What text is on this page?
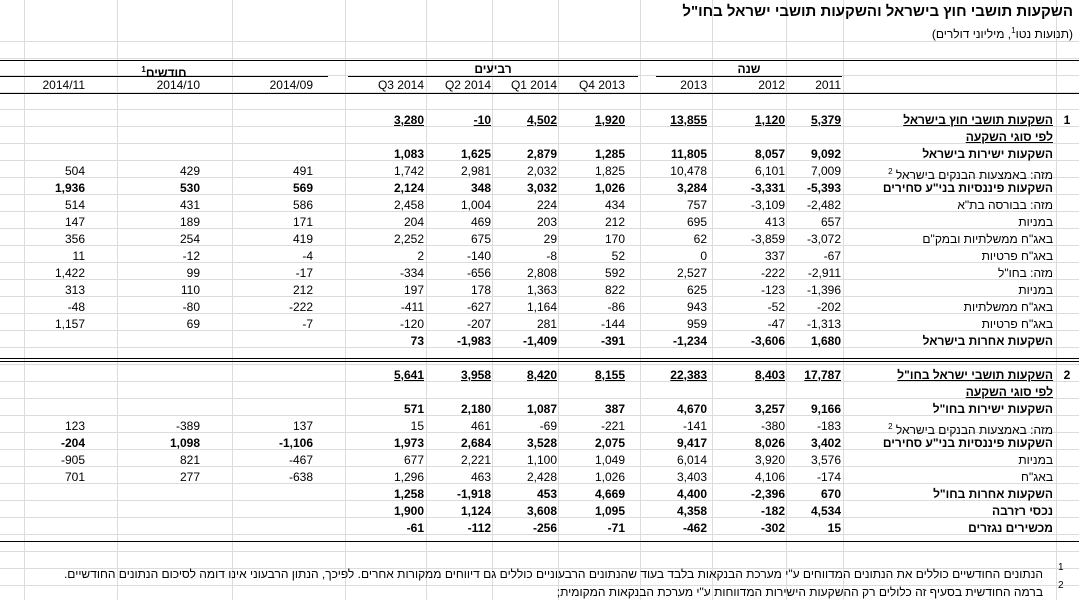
השקעות תושבי חוץ בישראל והשקעות תושבי ישראל בחו"ל
(תנועות נטו$^1$, מיליוני דולרים)
שנה
רביעים
חודשים$^1$
2011
2012
2013
Q4 2013
Q1 2014
Q2 2014
Q3 2014
2014/09
2014/10
2014/11
1
השקעות תושבי חוץ בישראל
5,379
1,120
13,855
1,920
4,502
-10
3,280
לפי סוגי השקעה
השקעות ישירות בישראל
9,092
8,057
11,805
1,285
2,879
1,625
1,083
מזה: באמצעות הבנקים בישראל $^2$
7,009
6,101
10,478
1,825
2,032
2,981
1,742
491
429
504
השקעות פיננסיות בני"ע סחירים
-5,393
-3,331
3,284
1,026
3,032
348
2,124
569
530
1,936
מזה: בבורסה בת"א
-2,482
-3,109
757
434
224
1,004
2,458
586
431
514
במניות
657
413
695
212
203
469
204
171
189
147
באג"ח ממשלתיות ובמק"ם
-3,072
-3,859
62
170
29
675
2,252
419
254
356
באג"ח פרטיות
-67
337
0
52
-8
-140
2
-4
-12
11
מזה: בחו"ל
-2,911
-222
2,527
592
2,808
-656
-334
-17
99
1,422
במניות
-1,396
-123
625
822
1,363
178
197
212
110
313
באג"ח ממשלתיות
-202
-52
943
-86
1,164
-627
-411
-222
-80
-48
באג"ח פרטיות
-1,313
-47
959
-144
281
-207
-120
-7
69
1,157
השקעות אחרות בישראל
1,680
-3,606
-1,234
-391
-1,409
-1,983
73
2
השקעות תושבי ישראל בחו"ל
17,787
8,403
22,383
8,155
8,420
3,958
5,641
לפי סוגי השקעה
השקעות ישירות בחו"ל
9,166
3,257
4,670
387
1,087
2,180
571
מזה: באמצעות הבנקים בישראל $^2$
-183
-380
-141
-221
-69
461
15
137
-389
123
השקעות פיננסיות בני"ע סחירים
3,402
8,026
9,417
2,075
3,528
2,684
1,973
-1,106
1,098
-204
במניות
3,576
3,920
6,014
1,049
1,100
2,221
677
-467
821
-905
באג"ח
-174
4,106
3,403
1,026
2,428
463
1,296
-638
277
701
השקעות אחרות בחו"ל
670
-2,396
4,400
4,669
453
-1,918
1,258
נכסי רזרבה
4,534
-182
4,358
1,095
3,608
1,124
1,900
מכשירים נגזרים
15
-302
-462
-71
-256
-112
-61
1
הנתונים החודשיים כוללים את הנתונים המדווחים ע"י מערכת הבנקאות בלבד בעוד שהנתונים הרבעוניים כוללים גם דיווחים ממקורות אחרים. לפיכך, הנתון הרבעוני אינו דומה לסיכום הנתונים החודשיים.
2
ברמה החודשית בסעיף זה כלולים רק ההשקעות הישירות המדווחות ע"י מערכת הבנקאות המקומית;
